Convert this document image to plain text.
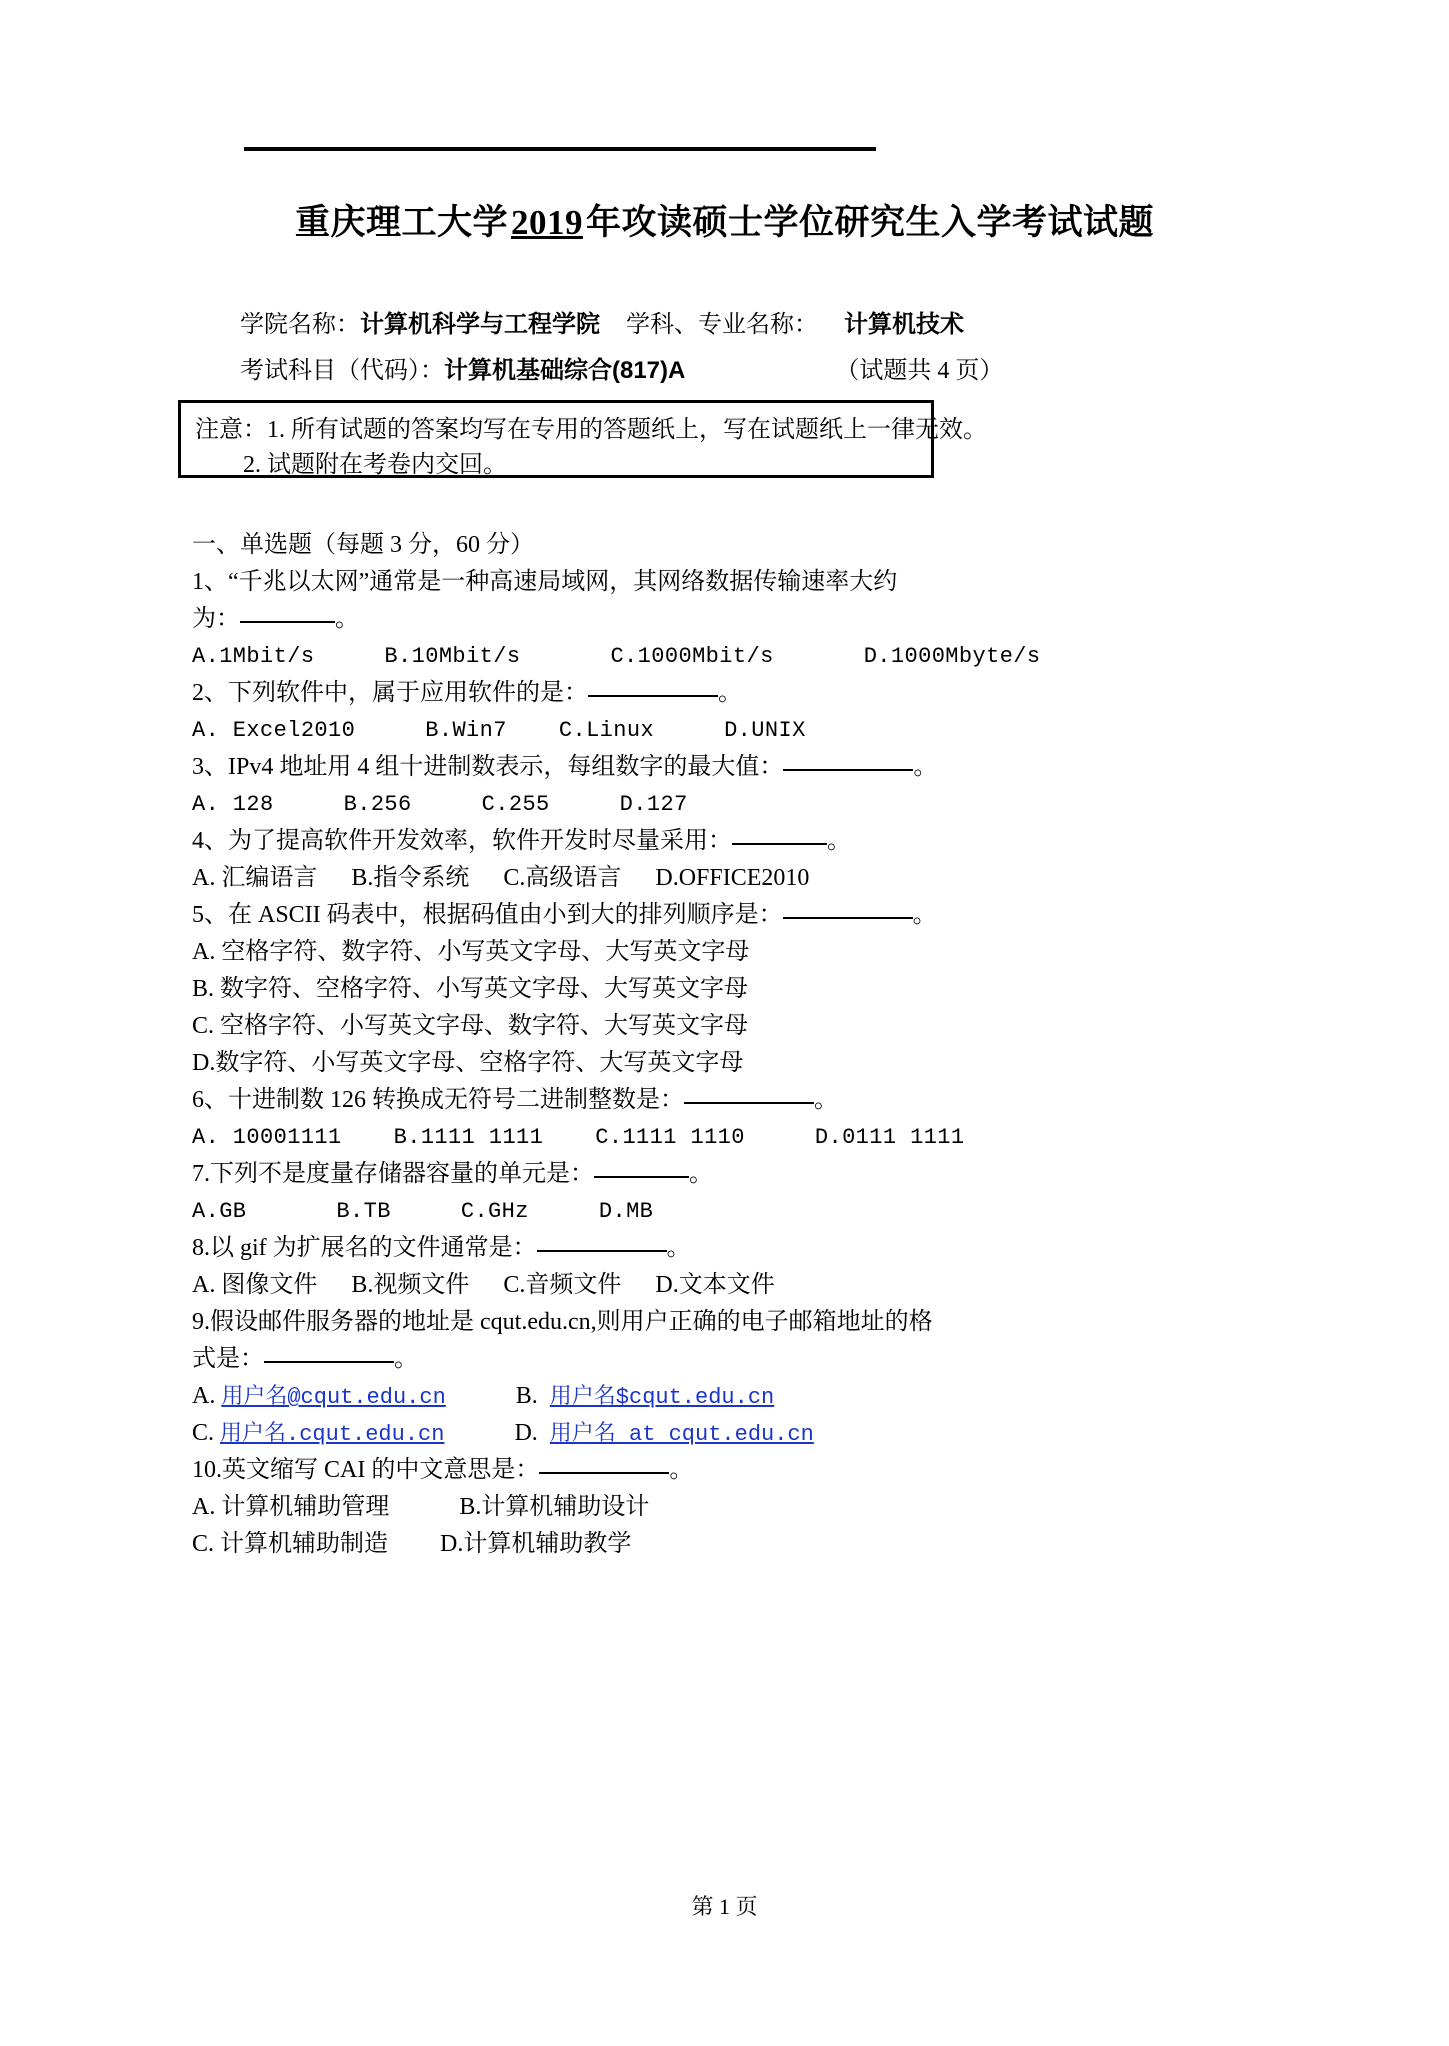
重庆理工大学2019年攻读硕士学位研究生入学考试试题
学院名称：计算机科学与工程学院 学科、专业名称： 计算机技术
考试科目（代码）：计算机基础综合(817)A	（试题共 4 页）
注意：1. 所有试题的答案均写在专用的答题纸上，写在试题纸上一律无效。
2. 试题附在考卷内交回。
一、单选题（每题 3 分，60 分）
1、“千兆以太网”通常是一种高速局域网，其网络数据传输速率大约
为：	。
A.1Mbit/s	B.10Mbit/s	C.1000Mbit/s	D.1000Mbyte/s
2、下列软件中，属于应用软件的是：	。
A. Excel2010	B.Win7 C.Linux	D.UNIX
3、IPv4 地址用 4 组十进制数表示，每组数字的最大值：	。
A. 128	B.256	C.255	D.127
4、为了提高软件开发效率，软件开发时尽量采用：	。
A. 汇编语言 B.指令系统 C.高级语言 D.OFFICE2010
5、在 ASCII 码表中，根据码值由小到大的排列顺序是：	。
A. 空格字符、数字符、小写英文字母、大写英文字母
B. 数字符、空格字符、小写英文字母、大写英文字母
C. 空格字符、小写英文字母、数字符、大写英文字母
D.数字符、小写英文字母、空格字符、大写英文字母
6、十进制数 126 转换成无符号二进制整数是：	。
A. 10001111 B.1111 1111 C.1111 1110	D.0111 1111
7.下列不是度量存储器容量的单元是：	。
A.GB	B.TB	C.GHz	D.MB
8.以 gif 为扩展名的文件通常是：	。
A. 图像文件 B.视频文件 C.音频文件 D.文本文件
9.假设邮件服务器的地址是 cqut.edu.cn,则用户正确的电子邮箱地址的格
式是：	。
A. 用户名@cqut.edu.cn	B. 用户名$cqut.edu.cn
C. 用户名.cqut.edu.cn	D. 用户名 at cqut.edu.cn
10.英文缩写 CAI 的中文意思是：	。
A. 计算机辅助管理	B.计算机辅助设计
C. 计算机辅助制造 D.计算机辅助教学
第 1 页
